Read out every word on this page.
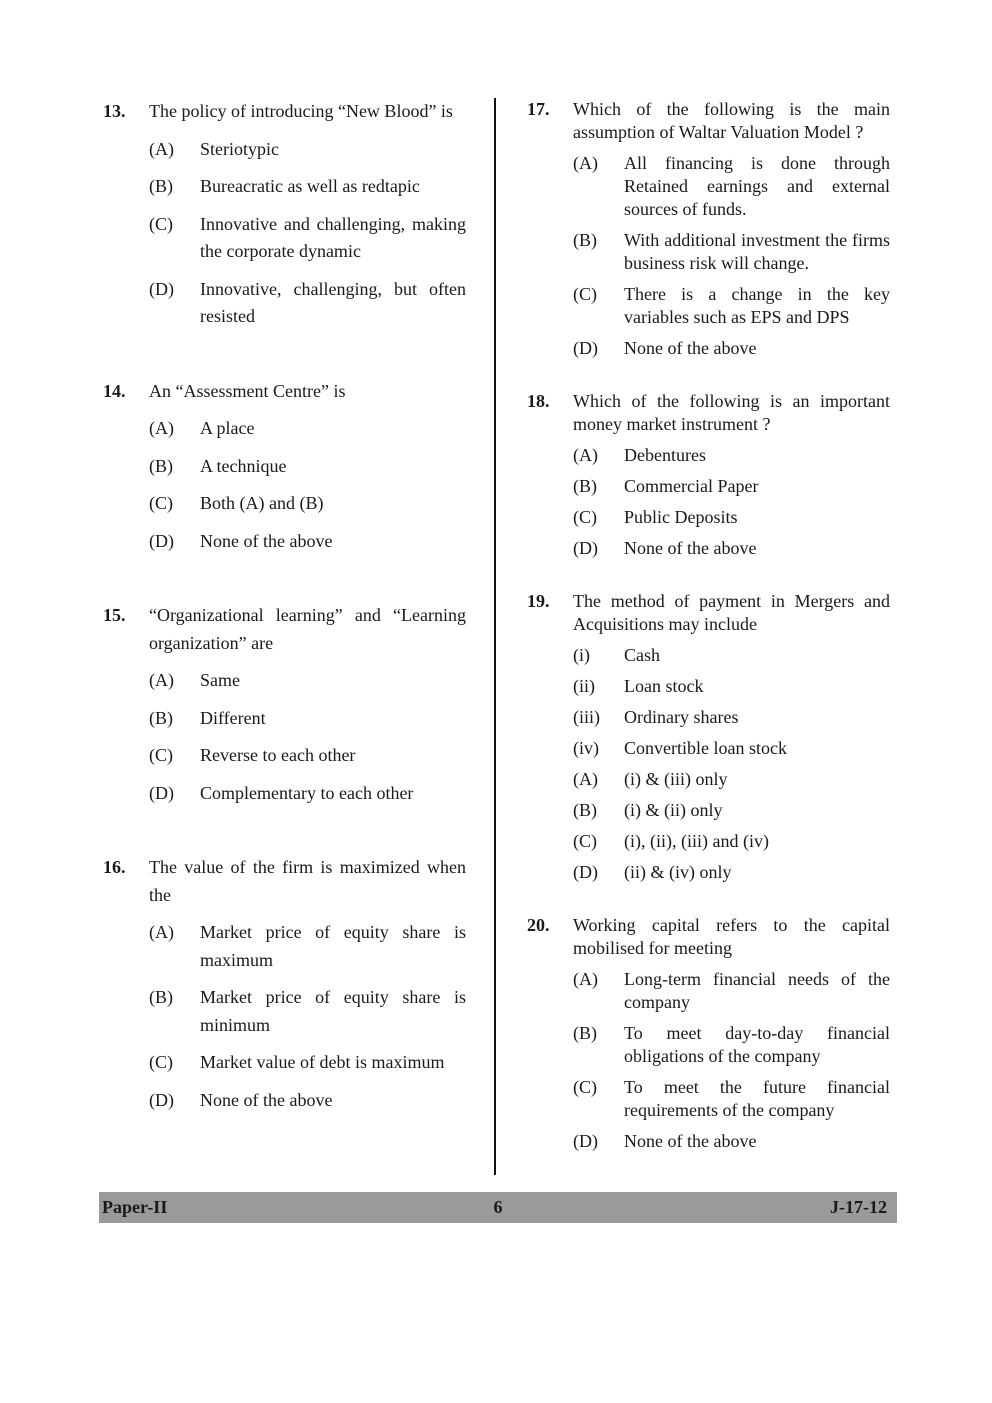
13.	The policy of introducing “New Blood” is
(A)	Steriotypic
(B)	Bureacratic as well as redtapic
(C)	Innovative and challenging, making the corporate dynamic
(D)	Innovative, challenging, but often resisted
14.	An “Assessment Centre” is
(A)	A place
(B)	A technique
(C)	Both (A) and (B)
(D)	None of the above
15.	“Organizational learning” and “Learning organization” are
(A)	Same
(B)	Different
(C)	Reverse to each other
(D)	Complementary to each other
16.	The value of the firm is maximized when the
(A)	Market price of equity share is maximum
(B)	Market price of equity share is minimum
(C)	Market value of debt is maximum
(D)	None of the above
17.	Which of the following is the main assumption of Waltar Valuation Model ?
(A)	All financing is done through Retained earnings and external sources of funds.
(B)	With additional investment the firms business risk will change.
(C)	There is a change in the key variables such as EPS and DPS
(D)	None of the above
18.	Which of the following is an important money market instrument ?
(A)	Debentures
(B)	Commercial Paper
(C)	Public Deposits
(D)	None of the above
19.	The method of payment in Mergers and Acquisitions may include
(i)	Cash
(ii)	Loan stock
(iii)	Ordinary shares
(iv)	Convertible loan stock
(A)	(i) & (iii) only
(B)	(i) & (ii) only
(C)	(i), (ii), (iii) and (iv)
(D)	(ii) & (iv) only
20.	Working capital refers to the capital mobilised for meeting
(A)	Long-term financial needs of the company
(B)	To meet day-to-day financial obligations of the company
(C)	To meet the future financial requirements of the company
(D)	None of the above
Paper-II	6	J-17-12
